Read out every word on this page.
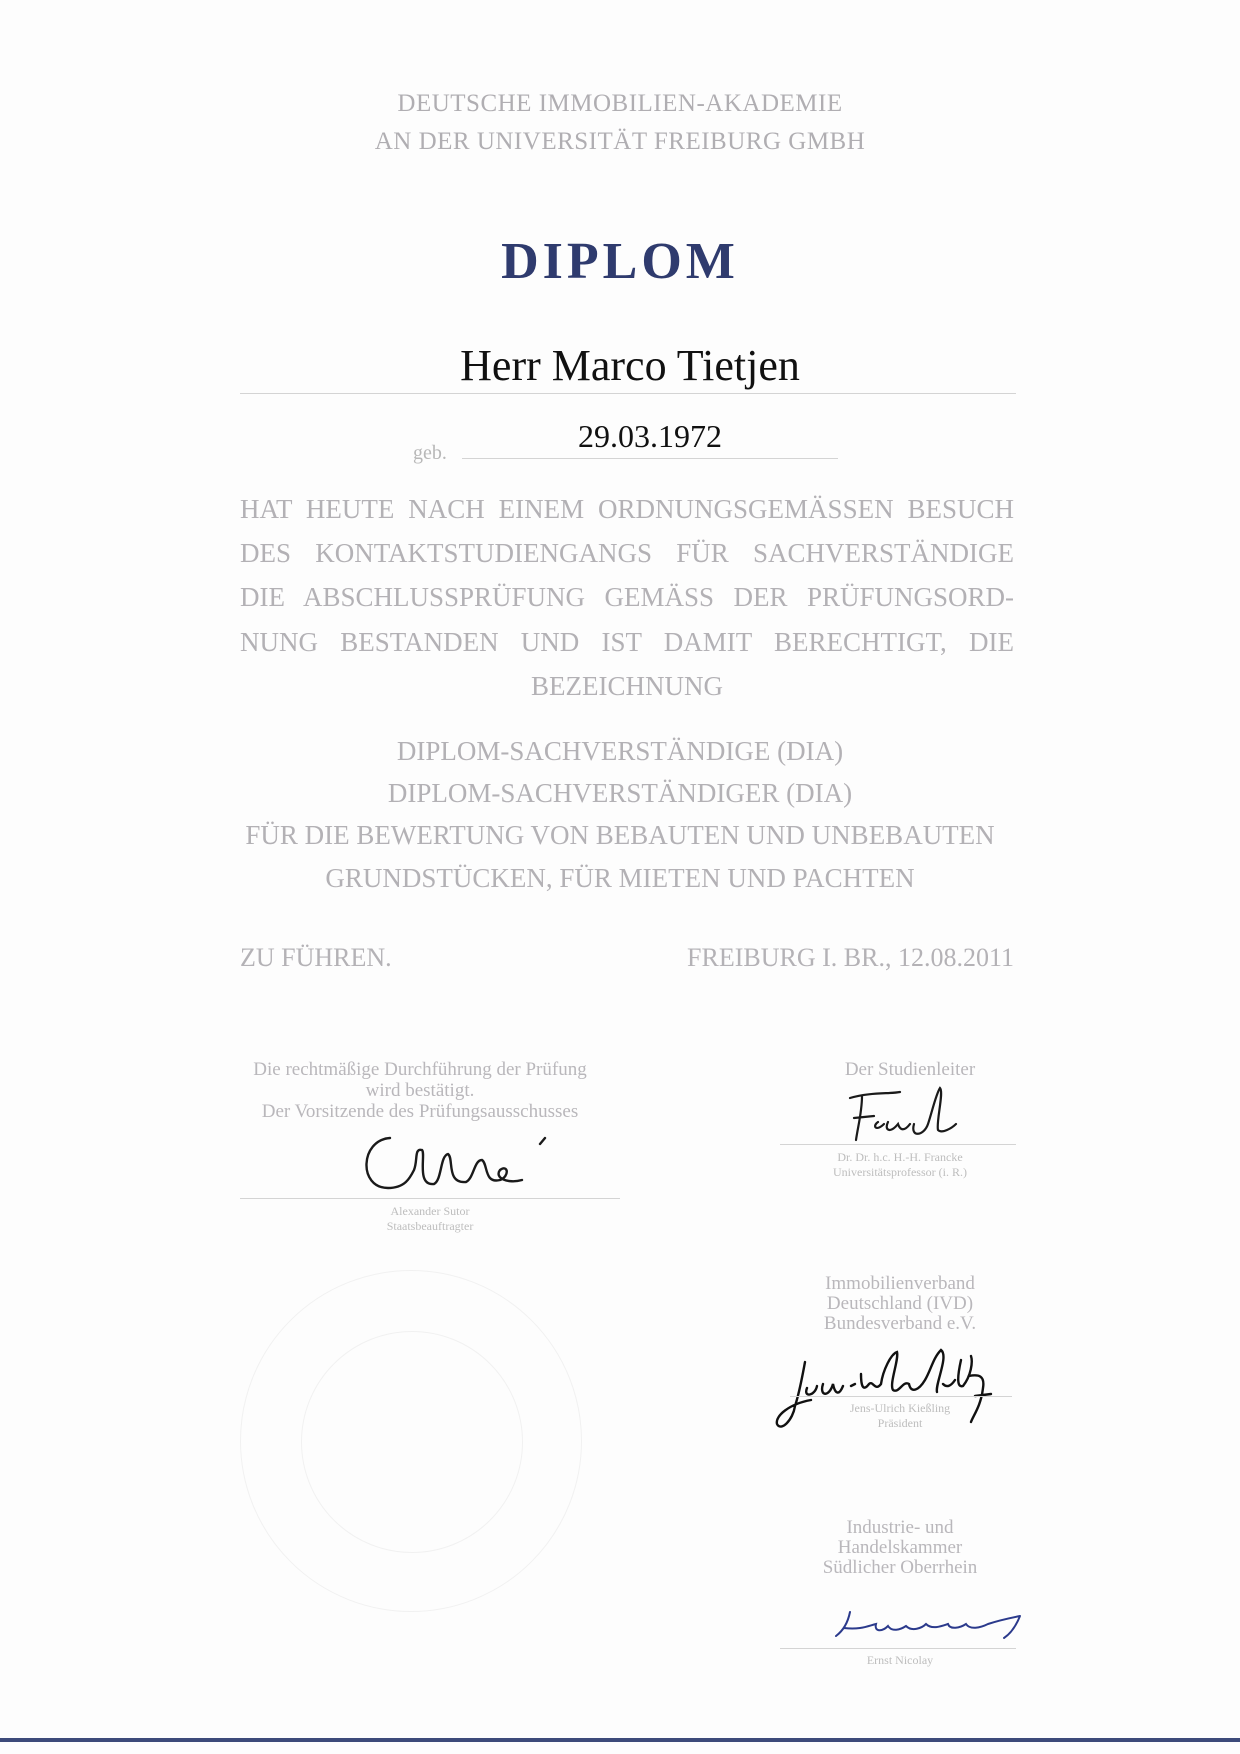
DEUTSCHE IMMOBILIEN-AKADEMIE
AN DER UNIVERSITÄT FREIBURG GMBH
DIPLOM
Herr Marco Tietjen
geb.	29.03.1972
HAT HEUTE NACH EINEM ORDNUNGSGEMÄSSEN BESUCH
DES KONTAKTSTUDIENGANGS FÜR SACHVERSTÄNDIGE
DIE ABSCHLUSSPRÜFUNG GEMÄSS DER PRÜFUNGSORD-
NUNG BESTANDEN UND IST DAMIT BERECHTIGT, DIE
BEZEICHNUNG
DIPLOM-SACHVERSTÄNDIGE (DIA)
DIPLOM-SACHVERSTÄNDIGER (DIA)
FÜR DIE BEWERTUNG VON BEBAUTEN UND UNBEBAUTEN
GRUNDSTÜCKEN, FÜR MIETEN UND PACHTEN
ZU FÜHREN.	FREIBURG I. BR., 12.08.2011
Die rechtmäßige Durchführung der Prüfung
wird bestätigt.
Der Vorsitzende des Prüfungsausschusses
Alexander Sutor
Staatsbeauftragter
Der Studienleiter
Dr. Dr. h.c. H.-H. Francke
Universitätsprofessor (i. R.)
Immobilienverband
Deutschland (IVD)
Bundesverband e.V.
Jens-Ulrich Kießling
Präsident
Industrie- und
Handelskammer
Südlicher Oberrhein
Ernst Nicolay
